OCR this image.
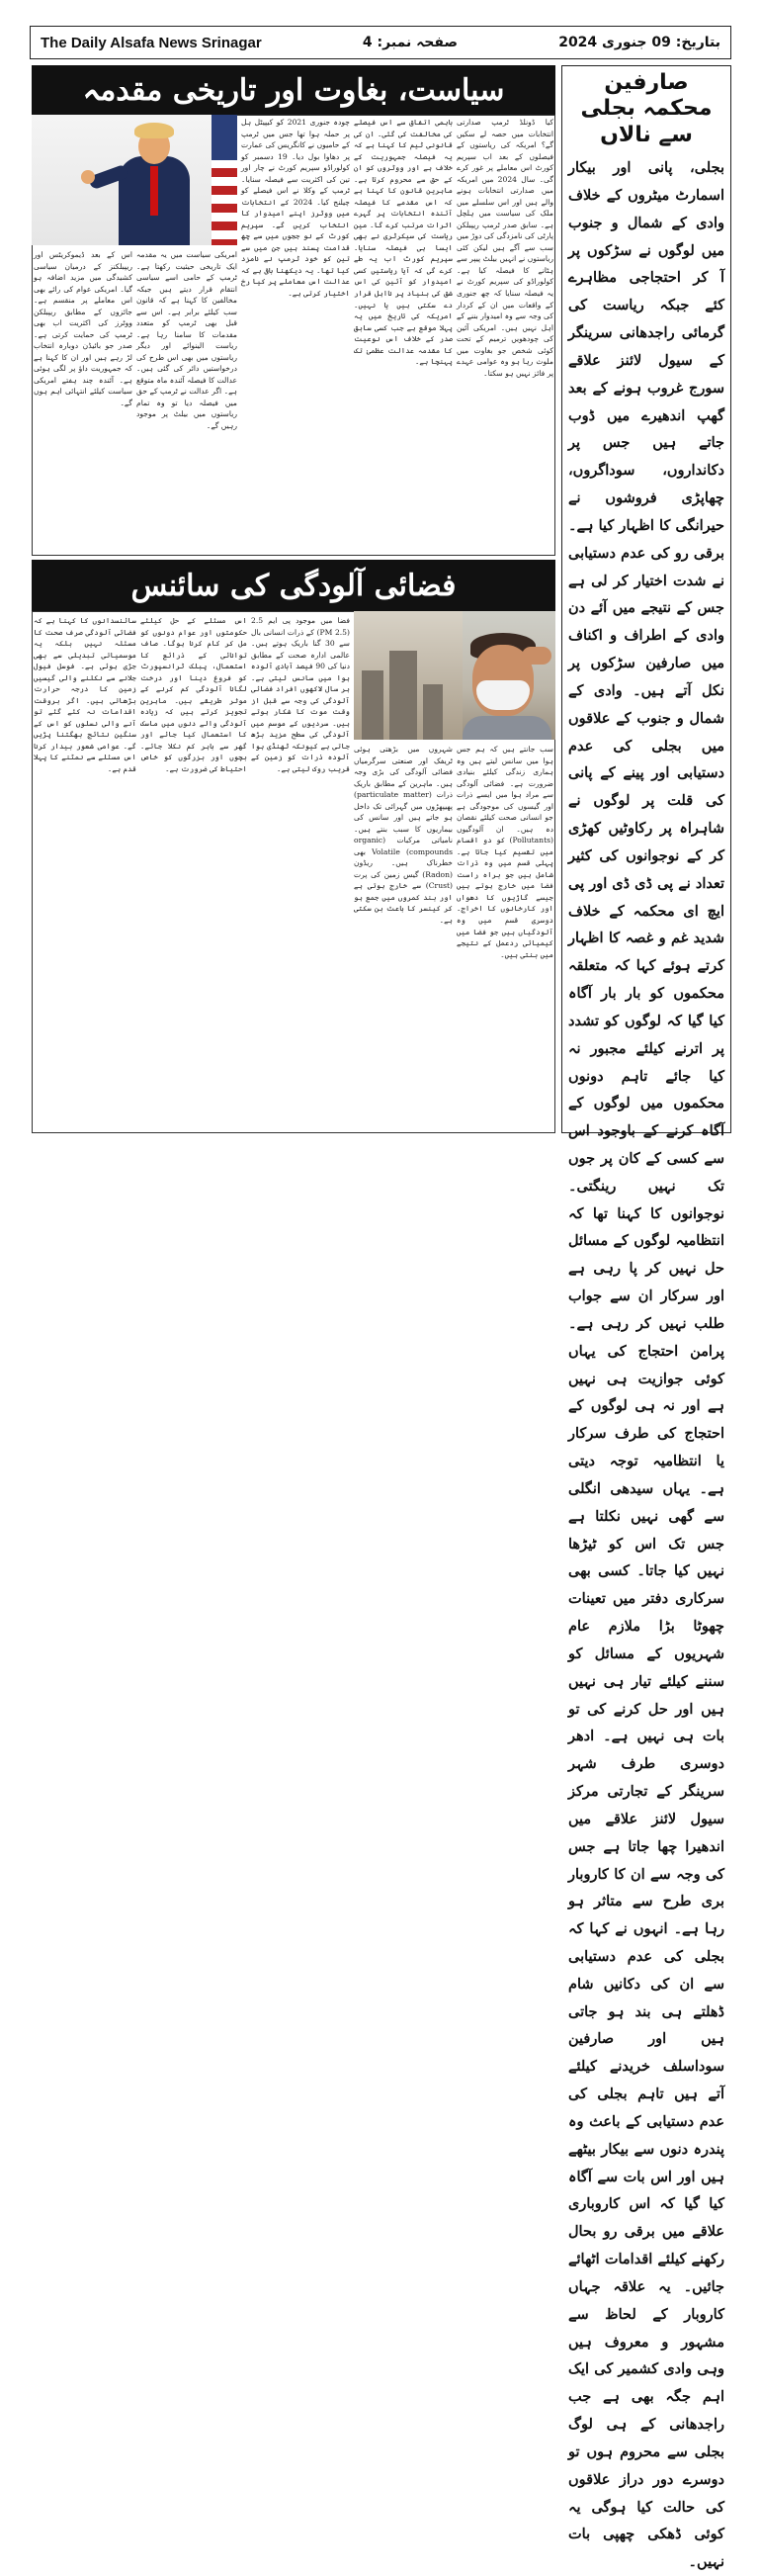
The Daily Alsafa News Srinagar	صفحہ نمبر: 4	بتاریخ: 09 جنوری 2024
صارفین محکمہ بجلی سے نالاں
بجلی، پانی اور بیکار اسمارٹ میٹروں کے خلاف وادی کے شمال و جنوب میں لوگوں نے سڑکوں پر آ کر احتجاجی مظاہرے کئے جبکہ ریاست کی گرمائی راجدھانی سرینگر کے سیول لائنز علاقے سورج غروب ہونے کے بعد گھپ اندھیرے میں ڈوب جاتے ہیں جس پر دکانداروں، سوداگروں، چھاپڑی فروشوں نے حیرانگی کا اظہار کیا ہے۔ برقی رو کی عدم دستیابی نے شدت اختیار کر لی ہے جس کے نتیجے میں آئے دن وادی کے اطراف و اکناف میں صارفین سڑکوں پر نکل آتے ہیں۔ وادی کے شمال و جنوب کے علاقوں میں بجلی کی عدم دستیابی اور پینے کے پانی کی قلت پر لوگوں نے شاہراہ پر رکاوٹیں کھڑی کر کے نوجوانوں کی کثیر تعداد نے پی ڈی ڈی اور پی ایچ ای محکمہ کے خلاف شدید غم و غصہ کا اظہار کرتے ہوئے کہا کہ متعلقہ محکموں کو بار بار آگاہ کیا گیا کہ لوگوں کو تشدد پر اترنے کیلئے مجبور نہ کیا جائے تاہم دونوں محکموں میں لوگوں کے آگاہ کرنے کے باوجود اس سے کسی کے کان پر جوں تک نہیں رینگتی۔ نوجوانوں کا کہنا تھا کہ انتظامیہ لوگوں کے مسائل حل نہیں کر پا رہی ہے اور سرکار ان سے جواب طلب نہیں کر رہی ہے۔ پرامن احتجاج کی یہاں کوئی جوازیت ہی نہیں ہے اور نہ ہی لوگوں کے احتجاج کی طرف سرکار یا انتظامیہ توجہ دیتی ہے۔ یہاں سیدھی انگلی سے گھی نہیں نکلتا ہے جس تک اس کو ٹیڑھا نہیں کیا جاتا۔ کسی بھی سرکاری دفتر میں تعینات چھوٹا بڑا ملازم عام شہریوں کے مسائل کو سننے کیلئے تیار ہی نہیں ہیں اور حل کرنے کی تو بات ہی نہیں ہے۔ ادھر دوسری طرف شہر سرینگر کے تجارتی مرکز سیول لائنز علاقے میں اندھیرا چھا جاتا ہے جس کی وجہ سے ان کا کاروبار بری طرح سے متاثر ہو رہا ہے۔ انہوں نے کہا کہ بجلی کی عدم دستیابی سے ان کی دکانیں شام ڈھلتے ہی بند ہو جاتی ہیں اور صارفین سوداسلف خریدنے کیلئے آتے ہیں تاہم بجلی کی عدم دستیابی کے باعث وہ پندرہ دنوں سے بیکار بیٹھے ہیں اور اس بات سے آگاہ کیا گیا کہ اس کاروباری علاقے میں برقی رو بحال رکھنے کیلئے اقدامات اٹھائے جائیں۔ یہ علاقہ جہاں کاروبار کے لحاظ سے مشہور و معروف ہیں وہی وادی کشمیر کی ایک اہم جگہ بھی ہے جب راجدھانی کے ہی لوگ بجلی سے محروم ہوں تو دوسرے دور دراز علاقوں کی حالت کیا ہوگی یہ کوئی ڈھکی چھپی بات نہیں۔
سیاست، بغاوت اور تاریخی مقدمہ
کیا ڈونلڈ ٹرمپ صدارتی انتخابات میں حصہ لے سکیں گے؟ امریکہ کی ریاستوں کے فیصلوں کے بعد اب سپریم کورٹ اس معاملے پر غور کرے گی۔ سال 2024 میں امریکہ میں صدارتی انتخابات ہونے والے ہیں اور اس سلسلے میں ملک کی سیاست میں ہلچل ہے۔ سابق صدر ٹرمپ ریپبلکن پارٹی کی نامزدگی کی دوڑ میں سب سے آگے ہیں لیکن کئی ریاستوں نے انہیں بیلٹ پیپر سے ہٹانے کا فیصلہ کیا ہے۔ کولوراڈو کی سپریم کورٹ نے یہ فیصلہ سنایا کہ چھ جنوری کے واقعات میں ان کے کردار کی وجہ سے وہ امیدوار بننے کے اہل نہیں ہیں۔ امریکی آئین کی چودھویں ترمیم کے تحت کوئی شخص جو بغاوت میں ملوث رہا ہو وہ عوامی عہدے پر فائز نہیں ہو سکتا۔
باہمی اتفاق سے اس فیصلے کی مخالفت کی گئی۔ ان کی قانونی ٹیم کا کہنا ہے کہ یہ فیصلہ جمہوریت کے خلاف ہے اور ووٹروں کو ان کے حق سے محروم کرتا ہے۔ ماہرین قانون کا کہنا ہے کہ اس مقدمے کا فیصلہ آئندہ انتخابات پر گہرے اثرات مرتب کرے گا۔ مین ریاست کی سیکرٹری نے بھی ایسا ہی فیصلہ سنایا۔ سپریم کورٹ اب یہ طے کرے گی کہ آیا ریاستیں کسی امیدوار کو آئین کی اس شق کی بنیاد پر نااہل قرار دے سکتی ہیں یا نہیں۔ امریکہ کی تاریخ میں یہ پہلا موقع ہے جب کسی سابق صدر کے خلاف اس نوعیت کا مقدمہ عدالت عظمیٰ تک پہنچا ہے۔
چودہ جنوری 2021 کو کیپیٹل ہل پر حملہ ہوا تھا جس میں ٹرمپ کے حامیوں نے کانگریس کی عمارت پر دھاوا بول دیا۔ 19 دسمبر کو کولوراڈو سپریم کورٹ نے چار اور تین کی اکثریت سے فیصلہ سنایا۔ ٹرمپ کے وکلا نے اس فیصلے کو چیلنج کیا۔ 2024 کے انتخابات میں ووٹرز اپنے امیدوار کا انتخاب کریں گے۔ سپریم کورٹ کے نو ججوں میں سے چھ قدامت پسند ہیں جن میں سے تین کو خود ٹرمپ نے نامزد کیا تھا۔ یہ دیکھنا باقی ہے کہ عدالت اس معاملے پر کیا رخ اختیار کرتی ہے۔
امریکی سیاست میں یہ مقدمہ ایک تاریخی حیثیت رکھتا ہے۔ ٹرمپ کے حامی اسے سیاسی انتقام قرار دیتے ہیں جبکہ مخالفین کا کہنا ہے کہ قانون سب کیلئے برابر ہے۔ اس سے قبل بھی ٹرمپ کو متعدد مقدمات کا سامنا رہا ہے۔ ریاست الینوائے اور دیگر ریاستوں میں بھی اس طرح کی درخواستیں دائر کی گئی ہیں۔ عدالت کا فیصلہ آئندہ ماہ متوقع ہے۔ اگر عدالت نے ٹرمپ کے حق میں فیصلہ دیا تو وہ تمام ریاستوں میں بیلٹ پر موجود رہیں گے۔
اس کے بعد ڈیموکریٹس اور ریپبلکنز کے درمیان سیاسی کشیدگی میں مزید اضافہ ہو گیا۔ امریکی عوام کی رائے بھی اس معاملے پر منقسم ہے۔ جائزوں کے مطابق ریپبلکن ووٹرز کی اکثریت اب بھی ٹرمپ کی حمایت کرتی ہے۔ صدر جو بائیڈن دوبارہ انتخاب لڑ رہے ہیں اور ان کا کہنا ہے کہ جمہوریت داؤ پر لگی ہوئی ہے۔ آئندہ چند ہفتے امریکی سیاست کیلئے انتہائی اہم ہوں گے۔
فضائی آلودگی کی سائنس
سب جانتے ہیں کہ ہم جس ہوا میں سانس لیتے ہیں وہ ہماری زندگی کیلئے بنیادی ضرورت ہے۔ فضائی آلودگی سے مراد ہوا میں ایسے ذرات اور گیسوں کی موجودگی ہے جو انسانی صحت کیلئے نقصان دہ ہیں۔ ان آلودگیوں (Pollutants) کو دو اقسام میں تقسیم کیا جاتا ہے۔ پہلی قسم میں وہ ذرات شامل ہیں جو براہ راست فضا میں خارج ہوتے ہیں جیسے گاڑیوں کا دھواں اور کارخانوں کا اخراج۔ دوسری قسم میں وہ آلودگیاں ہیں جو فضا میں کیمیائی ردعمل کے نتیجے میں بنتی ہیں۔
شہروں میں بڑھتی ہوئی ٹریفک اور صنعتی سرگرمیاں فضائی آلودگی کی بڑی وجہ ہیں۔ ماہرین کے مطابق باریک ذرات (particulate matter) پھیپھڑوں میں گہرائی تک داخل ہو جاتے ہیں اور سانس کی بیماریوں کا سبب بنتے ہیں۔ نامیاتی مرکبات (organic compounds) Volatile بھی خطرناک ہیں۔ ریڈون (Radon) گیس زمین کی پرت (Crust) سے خارج ہوتی ہے اور بند کمروں میں جمع ہو کر کینسر کا باعث بن سکتی ہے۔
فضا میں موجود پی ایم 2.5 (PM 2.5) کے ذرات انسانی بال سے 30 گنا باریک ہوتے ہیں۔ عالمی ادارہ صحت کے مطابق دنیا کی 90 فیصد آبادی آلودہ ہوا میں سانس لیتی ہے۔ ہر سال لاکھوں افراد فضائی آلودگی کی وجہ سے قبل از وقت موت کا شکار ہوتے ہیں۔ سردیوں کے موسم میں آلودگی کی سطح مزید بڑھ جاتی ہے کیونکہ ٹھنڈی ہوا آلودہ ذرات کو زمین کے قریب روک لیتی ہے۔
اس مسئلے کے حل کیلئے حکومتوں اور عوام دونوں کو مل کر کام کرنا ہوگا۔ صاف توانائی کے ذرائع کا استعمال، پبلک ٹرانسپورٹ کو فروغ دینا اور درخت لگانا آلودگی کم کرنے کے موثر طریقے ہیں۔ ماہرین تجویز کرتے ہیں کہ زیادہ آلودگی والے دنوں میں ماسک کا استعمال کیا جائے اور گھر سے باہر کم نکلا جائے۔ بچوں اور بزرگوں کو خاص احتیاط کی ضرورت ہے۔
سائنسدانوں کا کہنا ہے کہ فضائی آلودگی صرف صحت کا مسئلہ نہیں بلکہ یہ موسمیاتی تبدیلی سے بھی جڑی ہوئی ہے۔ فوسل فیول جلانے سے نکلنے والی گیسیں زمین کا درجہ حرارت بڑھاتی ہیں۔ اگر بروقت اقدامات نہ کئے گئے تو آنے والی نسلوں کو اس کے سنگین نتائج بھگتنا پڑیں گے۔ عوامی شعور بیدار کرنا اس مسئلے سے نمٹنے کا پہلا قدم ہے۔
